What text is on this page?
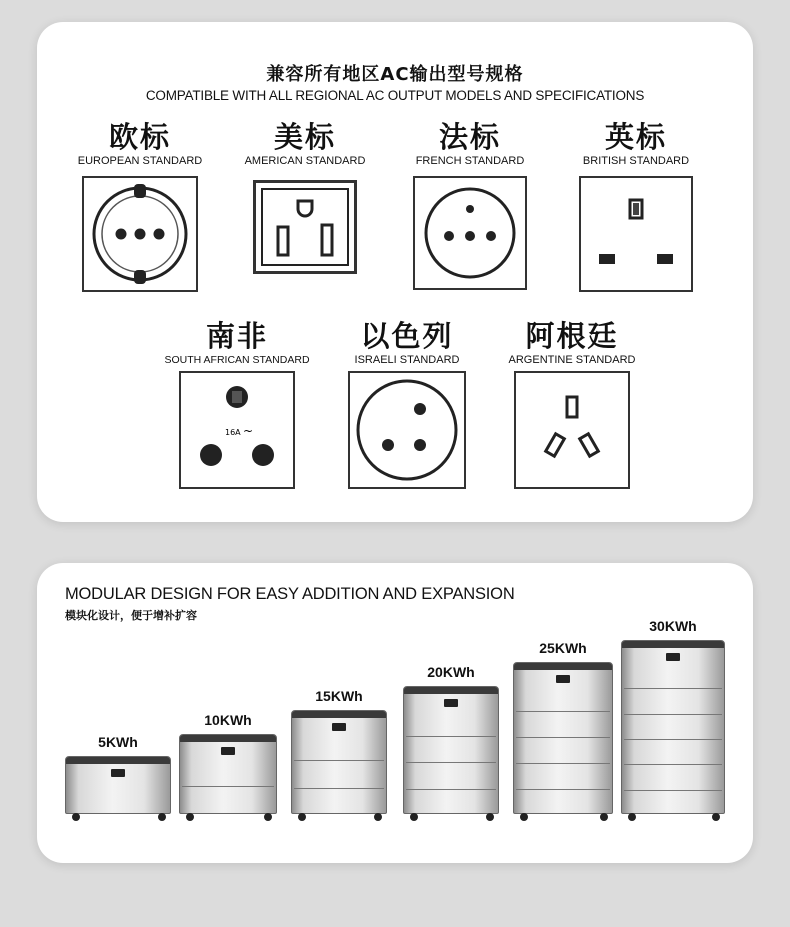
兼容所有地区AC输出型号规格
COMPATIBLE WITH ALL REGIONAL AC OUTPUT MODELS AND SPECIFICATIONS
欧标
EUROPEAN STANDARD
美标
AMERICAN STANDARD
法标
FRENCH STANDARD
英标
BRITISH STANDARD
南非
SOUTH AFRICAN STANDARD
16A ~
以色列
ISRAELI STANDARD
阿根廷
ARGENTINE STANDARD
MODULAR DESIGN FOR EASY ADDITION AND EXPANSION
模块化设计，便于增补扩容
5KWh
10KWh
15KWh
20KWh
25KWh
30KWh
